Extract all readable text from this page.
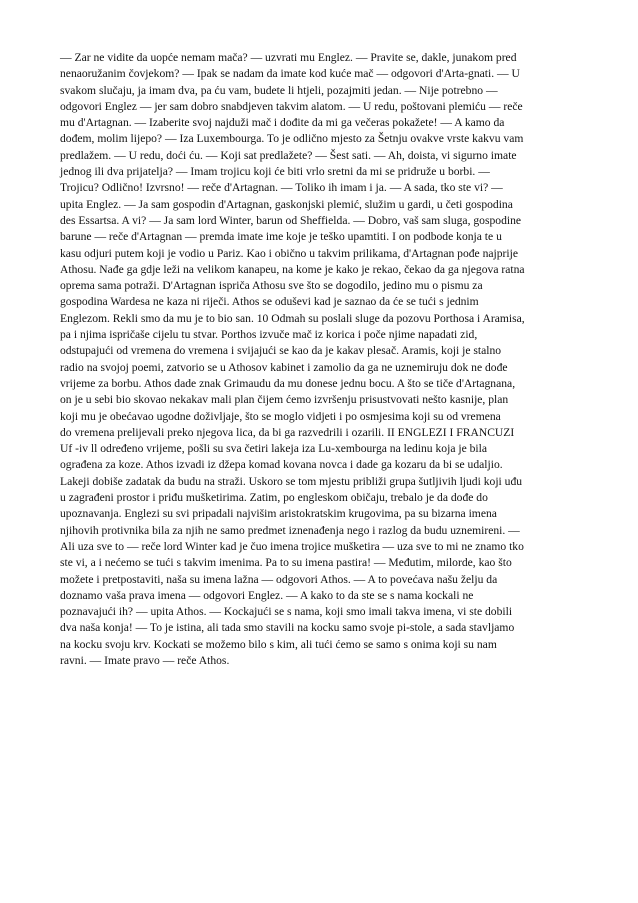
— Zar ne vidite da uopće nemam mača? — uzvrati mu Englez. — Pravite se, dakle, junakom pred
nenaoružanim čovjekom? — Ipak se nadam da imate kod kuće mač — odgovori d'Arta-gnati. — U
svakom slučaju, ja imam dva, pa ću vam, budete li htjeli, pozajmiti jedan. — Nije potrebno —
odgovori Englez — jer sam dobro snabdjeven takvim alatom. — U redu, poštovani plemiću — reče
mu d'Artagnan. — Izaberite svoj najduži mač i dođite da mi ga večeras pokažete! — A kamo da
dođem, molim lijepo? — Iza Luxembourga. To je odlično mjesto za Šetnju ovakve vrste kakvu vam
predlažem. — U redu, doći ću. — Koji sat predlažete? — Šest sati. — Ah, doista, vi sigurno imate
jednog ili dva prijatelja? — Imam trojicu koji će biti vrlo sretni da mi se pridruže u borbi. —
Trojicu? Odlično! Izvrsno! — reče d'Artagnan. — Toliko ih imam i ja. — A sada, tko ste vi? —
upita Englez. — Ja sam gospodin d'Artagnan, gaskonjski plemić, služim u gardi, u četi gospodina
des Essartsa. A vi? — Ja sam lord Winter, barun od Sheffielda. — Dobro, vaš sam sluga, gospodine
barune — reče d'Artagnan — premda imate ime koje je teško upamtiti. I on podbode konja te u
kasu odjuri putem koji je vodio u Pariz. Kao i obično u takvim prilikama, d'Artagnan pođe najprije
Athosu. Nađe ga gdje leži na velikom kanapeu, na kome je kako je rekao, čekao da ga njegova ratna
oprema sama potraži. D'Artagnan ispriča Athosu sve što se dogodilo, jedino mu o pismu za
gospodina Wardesa ne kaza ni riječi. Athos se oduševi kad je saznao da će se tući s jednim
Englezom. Rekli smo da mu je to bio san. 10 Odmah su poslali sluge da pozovu Porthosa i Aramisa,
pa i njima ispričaše cijelu tu stvar. Porthos izvuče mač iz korica i poče njime napadati zid,
odstupajući od vremena do vremena i svijajući se kao da je kakav plesač. Aramis, koji je stalno
radio na svojoj poemi, zatvorio se u Athosov kabinet i zamolio da ga ne uznemiruju dok ne dođe
vrijeme za borbu. Athos dade znak Grimaudu da mu donese jednu bocu. A što se tiče d'Artagnana,
on je u sebi bio skovao nekakav mali plan čijem ćemo izvršenju prisustvovati nešto kasnije, plan
koji mu je obećavao ugodne doživljaje, što se moglo vidjeti i po osmjesima koji su od vremena
do vremena prelijevali preko njegova lica, da bi ga razvedrili i ozarili. II ENGLEZI I FRANCUZI
Uf -iv ll određeno vrijeme, pošli su sva četiri lakeja iza Lu-xembourga na ledinu koja je bila
ograđena za koze. Athos izvadi iz džepa komad kovana novca i dade ga kozaru da bi se udaljio.
Lakeji dobiše zadatak da budu na straži. Uskoro se tom mjestu približi grupa šutljivih ljudi koji uđu
u zagrađeni prostor i priđu mušketirima. Zatim, po engleskom običaju, trebalo je da dođe do
upoznavanja. Englezi su svi pripadali najvišim aristokratskim krugovima, pa su bizarna imena
njihovih protivnika bila za njih ne samo predmet iznenađenja nego i razlog da budu uznemireni. —
Ali uza sve to — reče lord Winter kad je čuo imena trojice mušketira — uza sve to mi ne znamo tko
ste vi, a i nećemo se tući s takvim imenima. Pa to su imena pastira! — Međutim, milorde, kao što
možete i pretpostaviti, naša su imena lažna — odgovori Athos. — A to povećava našu želju da
doznamo vaša prava imena — odgovori Englez. — A kako to da ste se s nama kockali ne
poznavajući ih? — upita Athos. — Kockajući se s nama, koji smo imali takva imena, vi ste dobili
dva naša konja! — To je istina, ali tada smo stavili na kocku samo svoje pi-stole, a sada stavljamo
na kocku svoju krv. Kockati se možemo bilo s kim, ali tući ćemo se samo s onima koji su nam
ravni. — Imate pravo — reče Athos.
